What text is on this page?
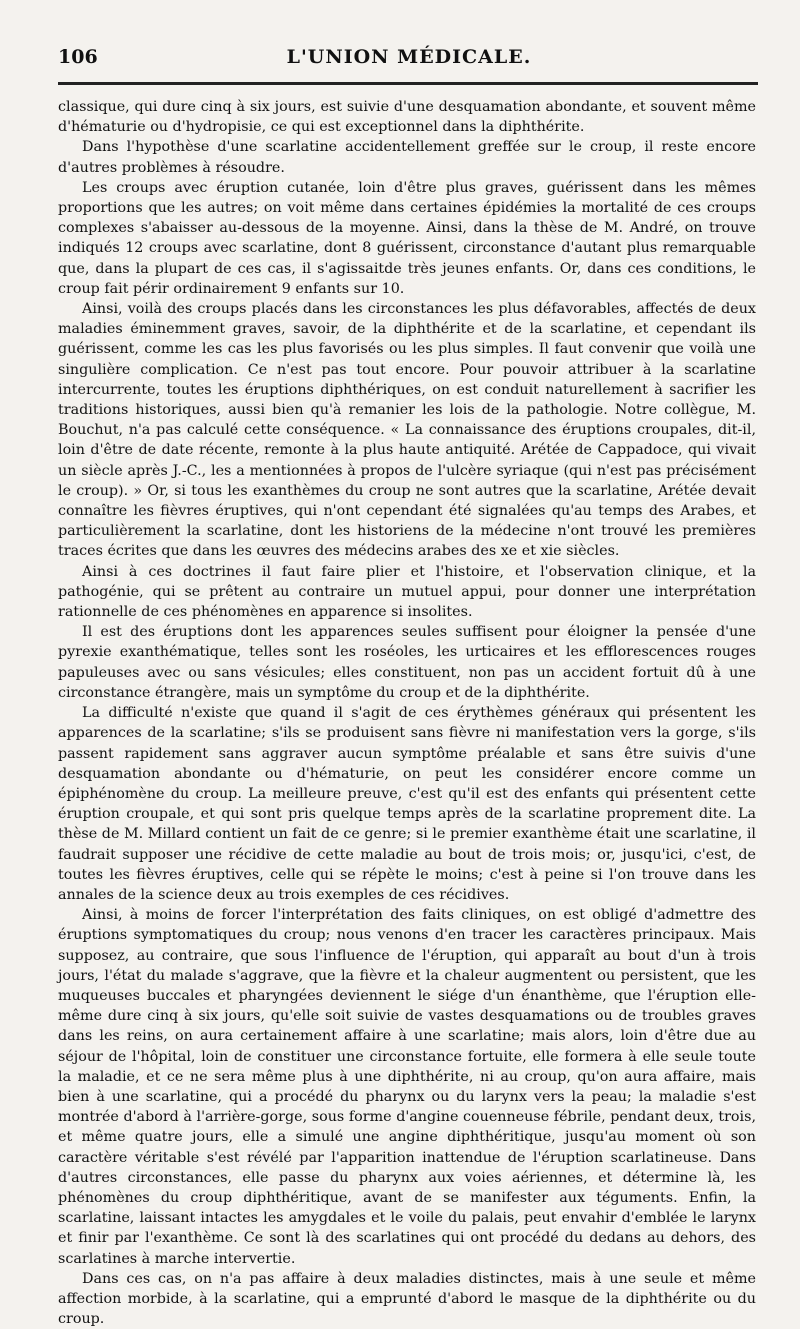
106	L'UNION MÉDICALE.

classique, qui dure cinq à six jours, est suivie d'une desquamation abondante, et souvent même d'hématurie ou d'hydropisie, ce qui est exceptionnel dans la diphthérite.

Dans l'hypothèse d'une scarlatine accidentellement greffée sur le croup, il reste encore d'autres problèmes à résoudre.

Les croups avec éruption cutanée, loin d'être plus graves, guérissent dans les mêmes proportions que les autres; on voit même dans certaines épidémies la mortalité de ces croups complexes s'abaisser au-dessous de la moyenne. Ainsi, dans la thèse de M. André, on trouve indiqués 12 croups avec scarlatine, dont 8 guérissent, circonstance d'autant plus remarquable que, dans la plupart de ces cas, il s'agissaitde très jeunes enfants. Or, dans ces conditions, le croup fait périr ordinairement 9 enfants sur 10.

Ainsi, voilà des croups placés dans les circonstances les plus défavorables, affectés de deux maladies éminemment graves, savoir, de la diphthérite et de la scarlatine, et cependant ils guérissent, comme les cas les plus favorisés ou les plus simples. Il faut convenir que voilà une singulière complication. Ce n'est pas tout encore. Pour pouvoir attribuer à la scarlatine intercurrente, toutes les éruptions diphthériques, on est conduit naturellement à sacrifier les traditions historiques, aussi bien qu'à remanier les lois de la pathologie. Notre collègue, M. Bouchut, n'a pas calculé cette conséquence. « La connaissance des éruptions croupales, dit-il, loin d'être de date récente, remonte à la plus haute antiquité. Arétée de Cappadoce, qui vivait un siècle après J.-C., les a mentionnées à propos de l'ulcère syriaque (qui n'est pas précisément le croup). » Or, si tous les exanthèmes du croup ne sont autres que la scarlatine, Arétée devait connaître les fièvres éruptives, qui n'ont cependant été signalées qu'au temps des Arabes, et particulièrement la scarlatine, dont les historiens de la médecine n'ont trouvé les premières traces écrites que dans les œuvres des médecins arabes des xe et xie siècles.

Ainsi à ces doctrines il faut faire plier et l'histoire, et l'observation clinique, et la pathogénie, qui se prêtent au contraire un mutuel appui, pour donner une interprétation rationnelle de ces phénomènes en apparence si insolites.

Il est des éruptions dont les apparences seules suffisent pour éloigner la pensée d'une pyrexie exanthématique, telles sont les roséoles, les urticaires et les efflorescences rouges papuleuses avec ou sans vésicules; elles constituent, non pas un accident fortuit dû à une circonstance étrangère, mais un symptôme du croup et de la diphthérite.

La difficulté n'existe que quand il s'agit de ces érythèmes généraux qui présentent les apparences de la scarlatine; s'ils se produisent sans fièvre ni manifestation vers la gorge, s'ils passent rapidement sans aggraver aucun symptôme préalable et sans être suivis d'une desquamation abondante ou d'hématurie, on peut les considérer encore comme un épiphénomène du croup. La meilleure preuve, c'est qu'il est des enfants qui présentent cette éruption croupale, et qui sont pris quelque temps après de la scarlatine proprement dite. La thèse de M. Millard contient un fait de ce genre; si le premier exanthème était une scarlatine, il faudrait supposer une récidive de cette maladie au bout de trois mois; or, jusqu'ici, c'est, de toutes les fièvres éruptives, celle qui se répète le moins; c'est à peine si l'on trouve dans les annales de la science deux au trois exemples de ces récidives.

Ainsi, à moins de forcer l'interprétation des faits cliniques, on est obligé d'admettre des éruptions symptomatiques du croup; nous venons d'en tracer les caractères principaux. Mais supposez, au contraire, que sous l'influence de l'éruption, qui apparaît au bout d'un à trois jours, l'état du malade s'aggrave, que la fièvre et la chaleur augmentent ou persistent, que les muqueuses buccales et pharyngées deviennent le siége d'un énanthème, que l'éruption elle-même dure cinq à six jours, qu'elle soit suivie de vastes desquamations ou de troubles graves dans les reins, on aura certainement affaire à une scarlatine; mais alors, loin d'être due au séjour de l'hôpital, loin de constituer une circonstance fortuite, elle formera à elle seule toute la maladie, et ce ne sera même plus à une diphthérite, ni au croup, qu'on aura affaire, mais bien à une scarlatine, qui a procédé du pharynx ou du larynx vers la peau; la maladie s'est montrée d'abord à l'arrière-gorge, sous forme d'angine couenneuse fébrile, pendant deux, trois, et même quatre jours, elle a simulé une angine diphthéritique, jusqu'au moment où son caractère véritable s'est révélé par l'apparition inattendue de l'éruption scarlatineuse. Dans d'autres circonstances, elle passe du pharynx aux voies aériennes, et détermine là, les phénomènes du croup diphthéritique, avant de se manifester aux téguments. Enfin, la scarlatine, laissant intactes les amygdales et le voile du palais, peut envahir d'emblée le larynx et finir par l'exanthème. Ce sont là des scarlatines qui ont procédé du dedans au dehors, des scarlatines à marche intervertie.

Dans ces cas, on n'a pas affaire à deux maladies distinctes, mais à une seule et même affection morbide, à la scarlatine, qui a emprunté d'abord le masque de la diphthérite ou du croup.
